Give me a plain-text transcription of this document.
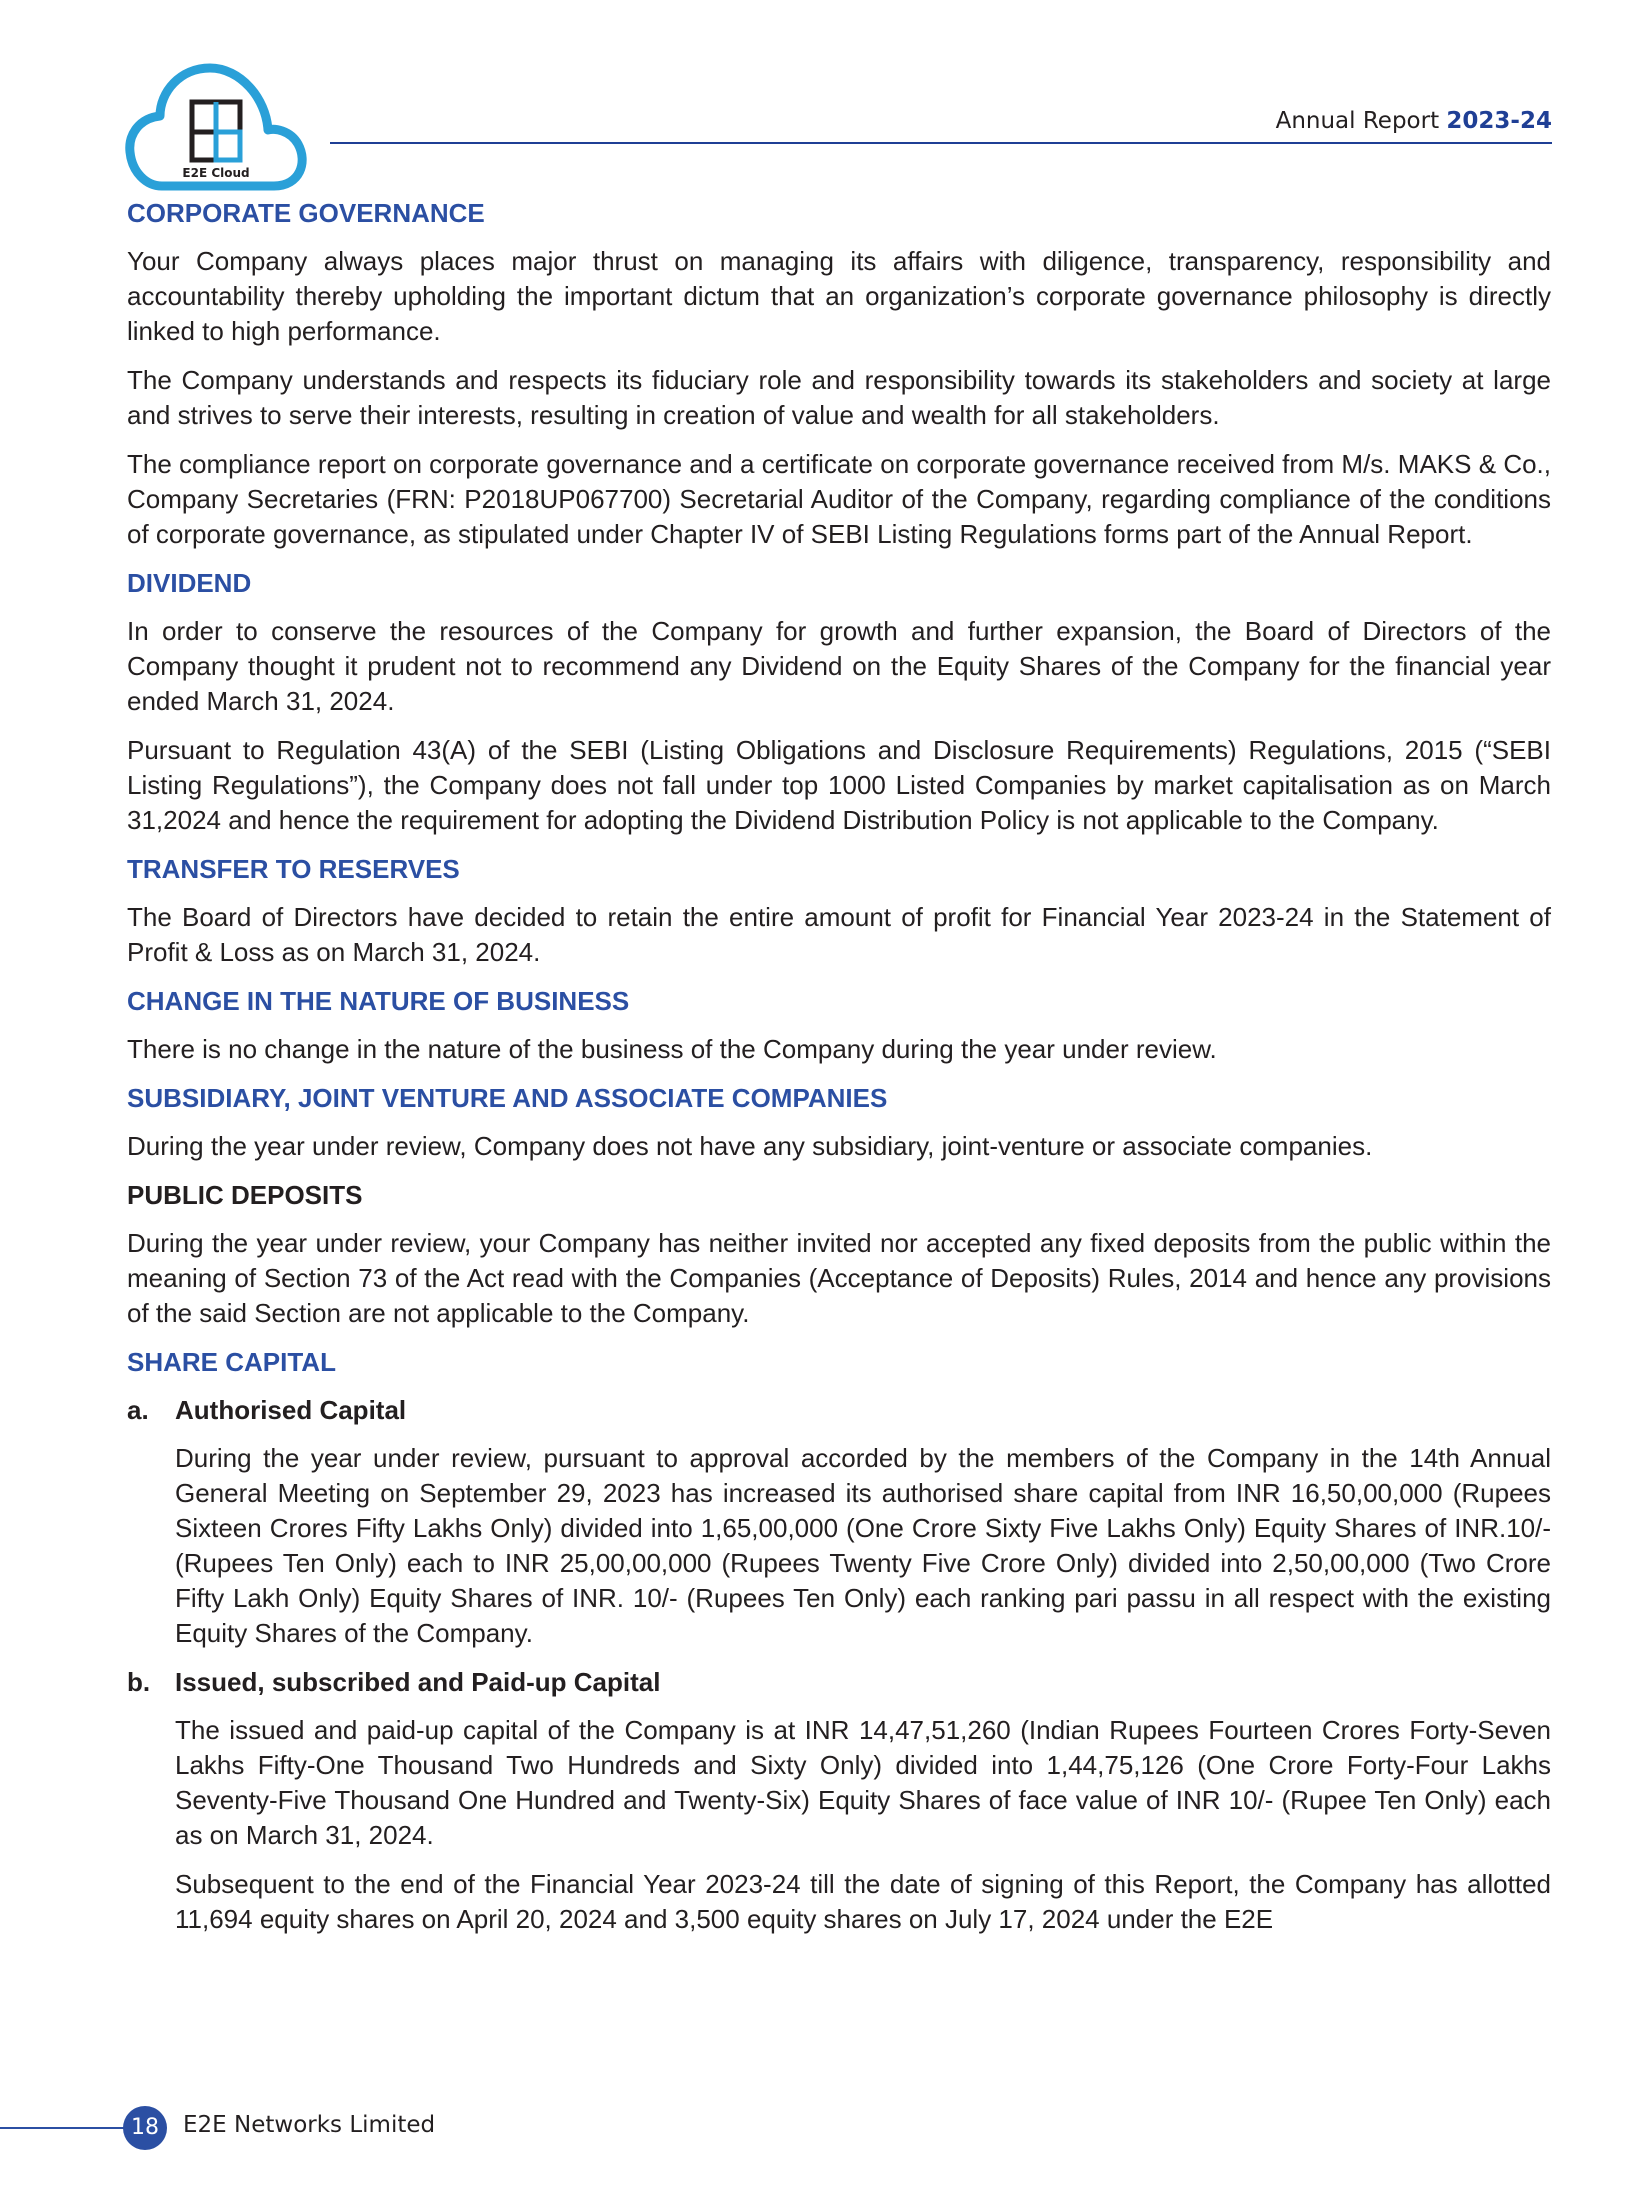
E2E Cloud
Annual Report 2023-24
CORPORATE GOVERNANCE

Your Company always places major thrust on managing its affairs with diligence, transparency, responsibility and accountability thereby upholding the important dictum that an organization’s corporate governance philosophy is directly linked to high performance.

The Company understands and respects its fiduciary role and responsibility towards its stakeholders and society at large and strives to serve their interests, resulting in creation of value and wealth for all stakeholders.

The compliance report on corporate governance and a certificate on corporate governance received from M/s. MAKS & Co., Company Secretaries (FRN: P2018UP067700) Secretarial Auditor of the Company, regarding compliance of the conditions of corporate governance, as stipulated under Chapter IV of SEBI Listing Regulations forms part of the Annual Report.

DIVIDEND

In order to conserve the resources of the Company for growth and further expansion, the Board of Directors of the Company thought it prudent not to recommend any Dividend on the Equity Shares of the Company for the financial year ended March 31, 2024.

Pursuant to Regulation 43(A) of the SEBI (Listing Obligations and Disclosure Requirements) Regulations, 2015 (“SEBI Listing Regulations”), the Company does not fall under top 1000 Listed Companies by market capitalisation as on March 31,2024 and hence the requirement for adopting the Dividend Distribution Policy is not applicable to the Company.

TRANSFER TO RESERVES

The Board of Directors have decided to retain the entire amount of profit for Financial Year 2023-24 in the Statement of Profit & Loss as on March 31, 2024.

CHANGE IN THE NATURE OF BUSINESS

There is no change in the nature of the business of the Company during the year under review.

SUBSIDIARY, JOINT VENTURE AND ASSOCIATE COMPANIES

During the year under review, Company does not have any subsidiary, joint-venture or associate companies.

PUBLIC DEPOSITS

During the year under review, your Company has neither invited nor accepted any fixed deposits from the public within the meaning of Section 73 of the Act read with the Companies (Acceptance of Deposits) Rules, 2014 and hence any provisions of the said Section are not applicable to the Company.

SHARE CAPITAL
a.	Authorised Capital

During the year under review, pursuant to approval accorded by the members of the Company in the 14th Annual General Meeting on September 29, 2023 has increased its authorised share capital from INR 16,50,00,000 (Rupees Sixteen Crores Fifty Lakhs Only) divided into 1,65,00,000 (One Crore Sixty Five Lakhs Only) Equity Shares of INR.10/- (Rupees Ten Only) each to INR 25,00,00,000 (Rupees Twenty Five Crore Only) divided into 2,50,00,000 (Two Crore Fifty Lakh Only) Equity Shares of INR. 10/- (Rupees Ten Only) each ranking pari passu in all respect with the existing Equity Shares of the Company.

b. Issued, subscribed and Paid-up Capital

The issued and paid-up capital of the Company is at INR 14,47,51,260 (Indian Rupees Fourteen Crores Forty-Seven Lakhs Fifty-One Thousand Two Hundreds and Sixty Only) divided into 1,44,75,126 (One Crore Forty-Four Lakhs Seventy-Five Thousand One Hundred and Twenty-Six) Equity Shares of face value of INR 10/- (Rupee Ten Only) each as on March 31, 2024.

Subsequent to the end of the Financial Year 2023-24 till the date of signing of this Report, the Company has allotted 11,694 equity shares on April 20, 2024 and 3,500 equity shares on July 17, 2024 under the E2E

18	E2E Networks Limited
